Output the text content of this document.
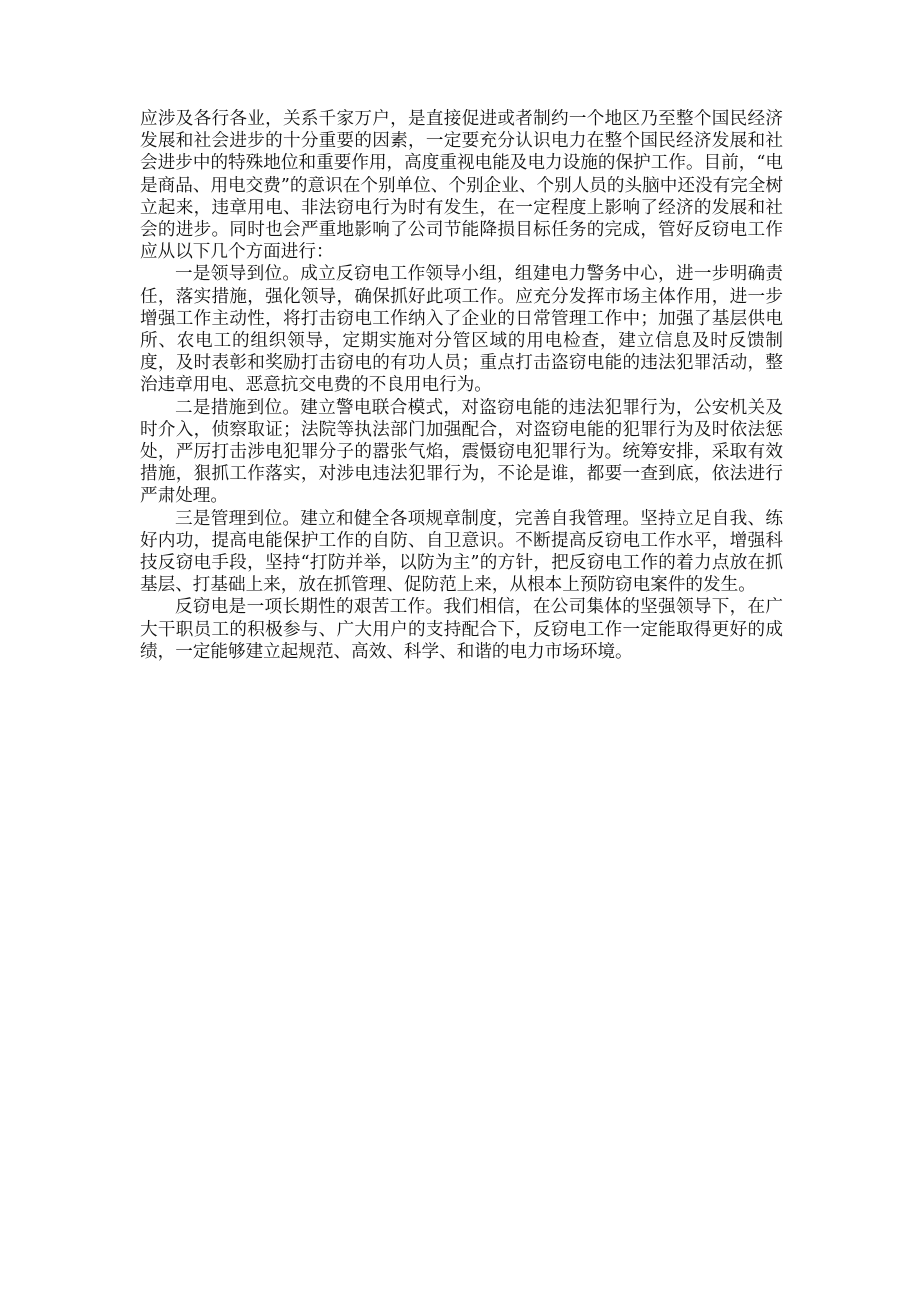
应涉及各行各业，关系千家万户，是直接促进或者制约一个地区乃至整个国民经济发展和社会进步的十分重要的因素，一定要充分认识电力在整个国民经济发展和社会进步中的特殊地位和重要作用，高度重视电能及电力设施的保护工作。目前，“电是商品、用电交费”的意识在个别单位、个别企业、个别人员的头脑中还没有完全树立起来，违章用电、非法窃电行为时有发生，在一定程度上影响了经济的发展和社会的进步。同时也会严重地影响了公司节能降损目标任务的完成，管好反窃电工作应从以下几个方面进行：

一是领导到位。成立反窃电工作领导小组，组建电力警务中心，进一步明确责任，落实措施，强化领导，确保抓好此项工作。应充分发挥市场主体作用，进一步增强工作主动性，将打击窃电工作纳入了企业的日常管理工作中；加强了基层供电所、农电工的组织领导，定期实施对分管区域的用电检查，建立信息及时反馈制度，及时表彰和奖励打击窃电的有功人员；重点打击盗窃电能的违法犯罪活动，整治违章用电、恶意抗交电费的不良用电行为。

二是措施到位。建立警电联合模式，对盗窃电能的违法犯罪行为，公安机关及时介入，侦察取证；法院等执法部门加强配合，对盗窃电能的犯罪行为及时依法惩处，严厉打击涉电犯罪分子的嚣张气焰，震慑窃电犯罪行为。统筹安排，采取有效措施，狠抓工作落实，对涉电违法犯罪行为，不论是谁，都要一查到底，依法进行严肃处理。

三是管理到位。建立和健全各项规章制度，完善自我管理。坚持立足自我、练好内功，提高电能保护工作的自防、自卫意识。不断提高反窃电工作水平，增强科技反窃电手段，坚持“打防并举，以防为主”的方针，把反窃电工作的着力点放在抓基层、打基础上来，放在抓管理、促防范上来，从根本上预防窃电案件的发生。

反窃电是一项长期性的艰苦工作。我们相信，在公司集体的坚强领导下，在广大干职员工的积极参与、广大用户的支持配合下，反窃电工作一定能取得更好的成绩，一定能够建立起规范、高效、科学、和谐的电力市场环境。
